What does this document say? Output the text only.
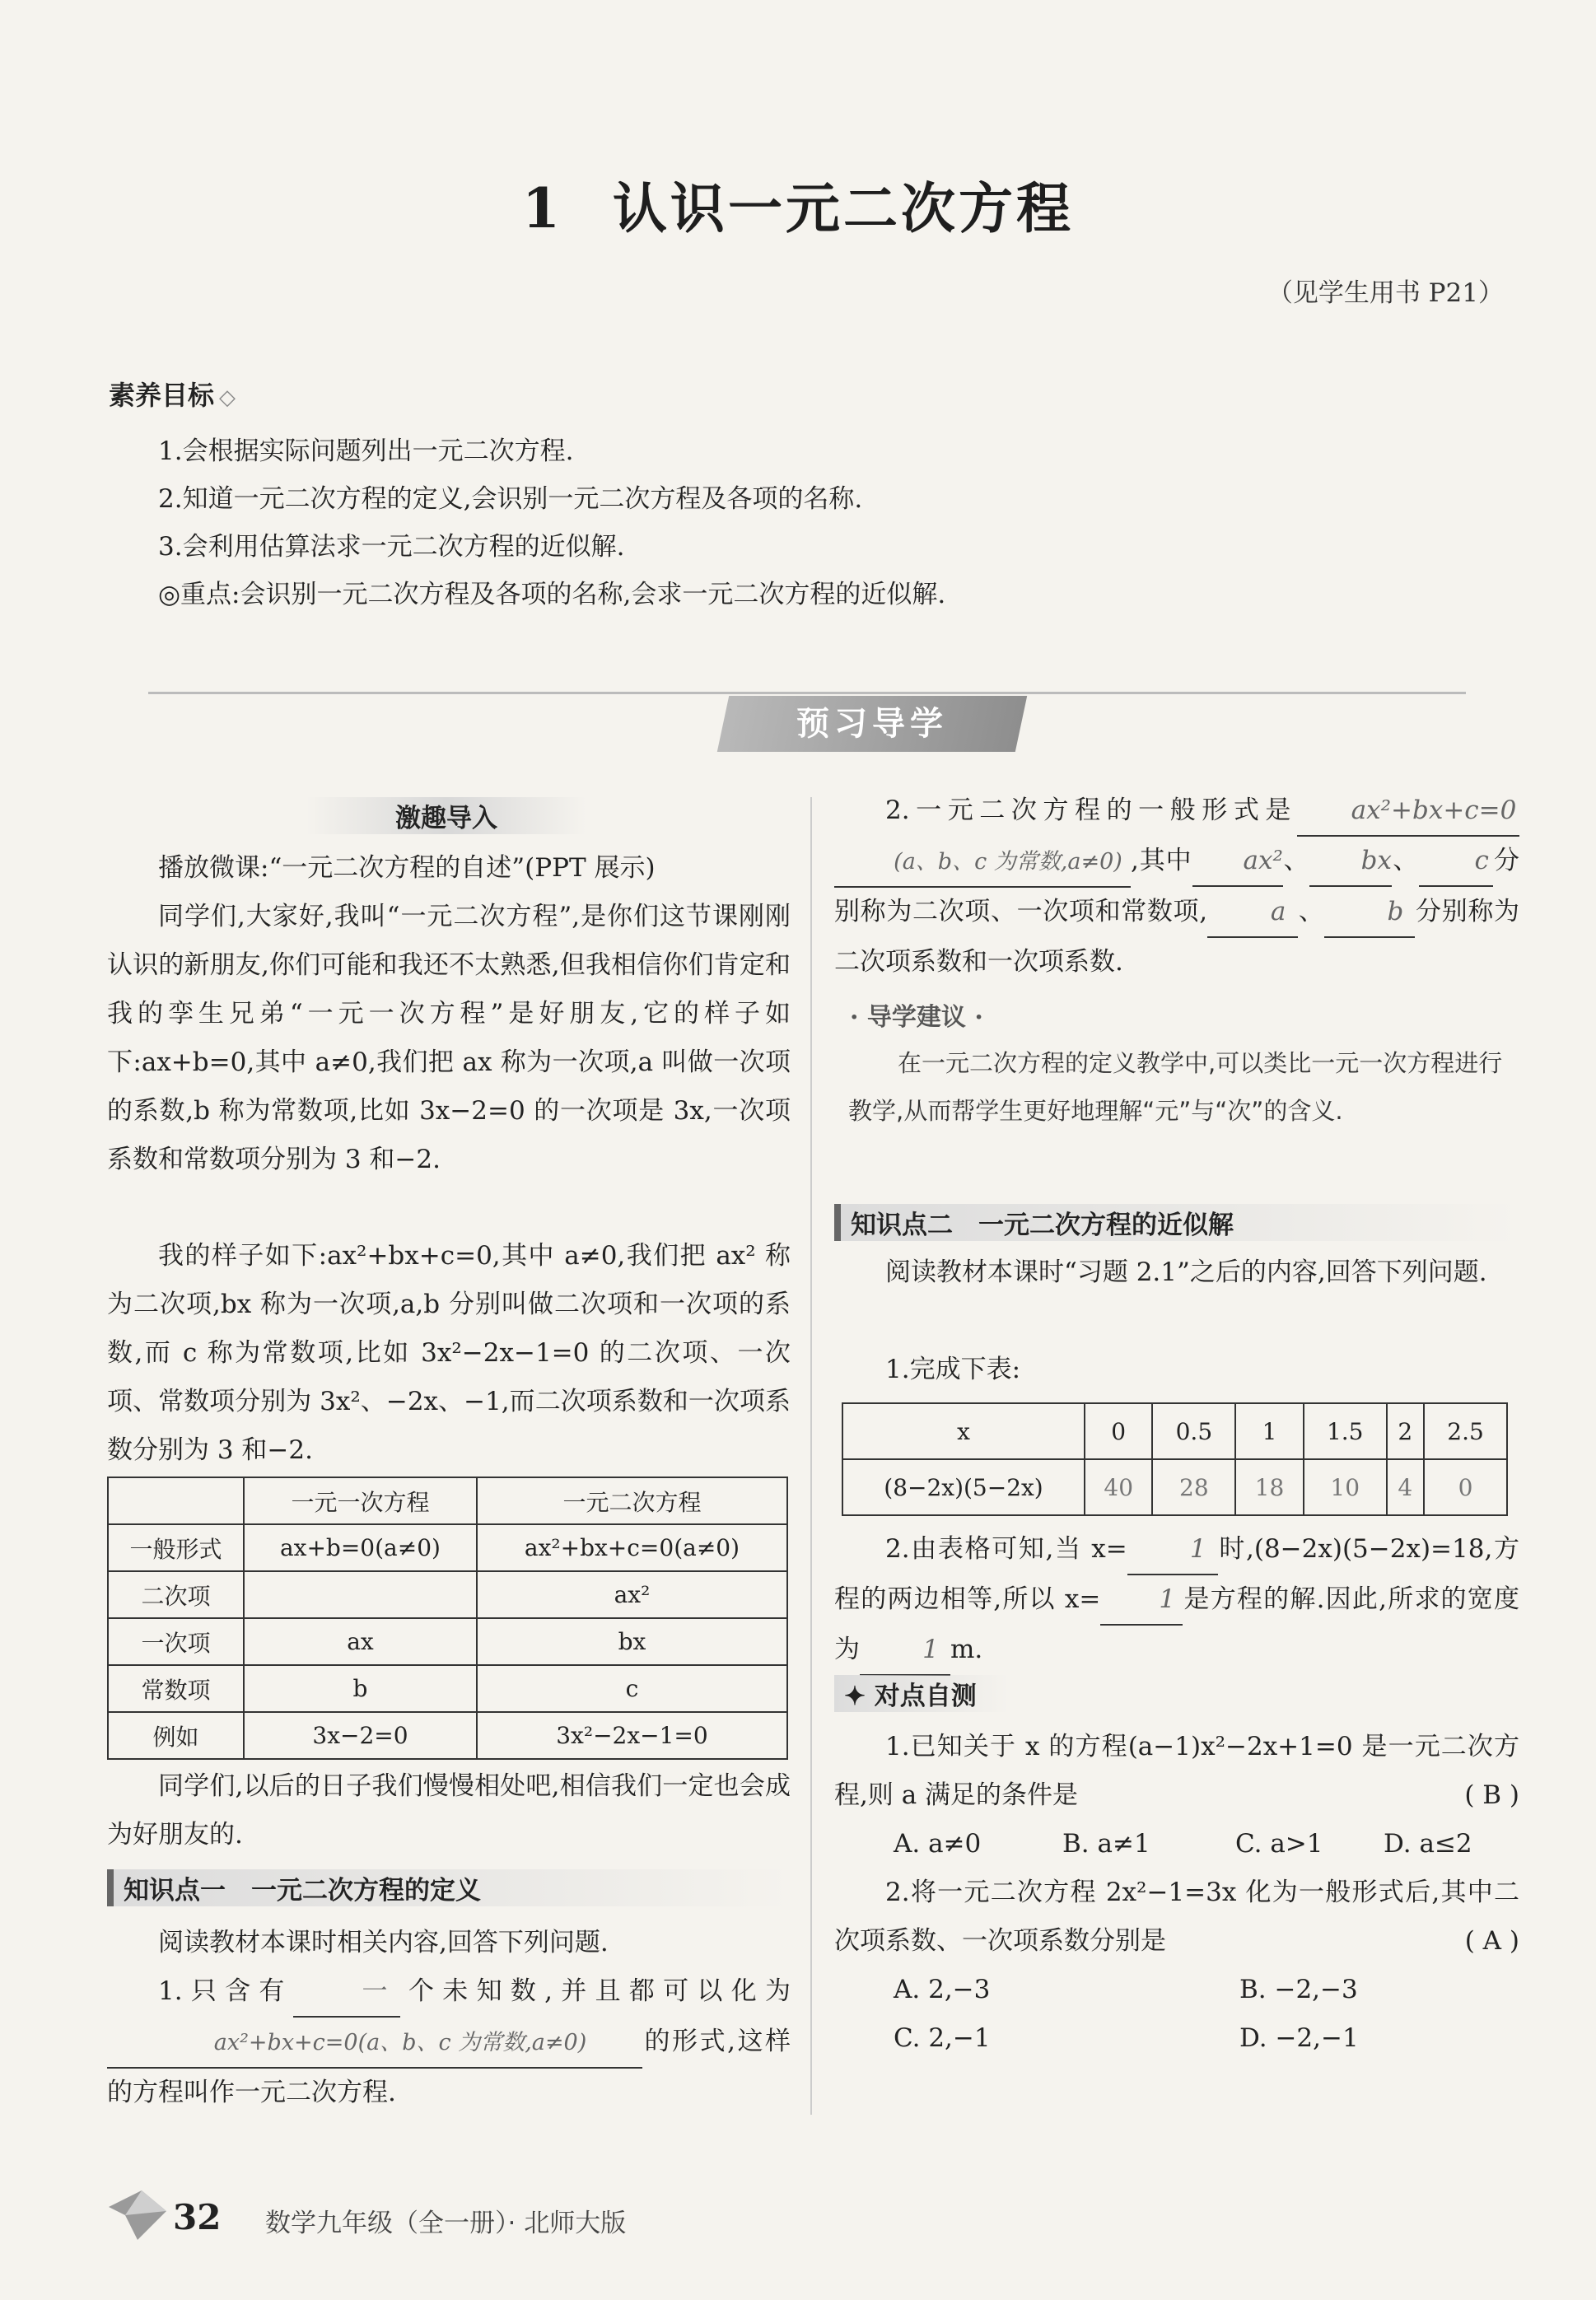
1 认识一元二次方程
（见学生用书 P21）
素养目标 ◇
1.会根据实际问题列出一元二次方程.
2.知道一元二次方程的定义,会识别一元二次方程及各项的名称.
3.会利用估算法求一元二次方程的近似解.
◎重点:会识别一元二次方程及各项的名称,会求一元二次方程的近似解.
预习导学
激趣导入
播放微课:“一元二次方程的自述”(PPT 展示)
同学们,大家好,我叫“一元二次方程”,是你们这节课刚刚认识的新朋友,你们可能和我还不太熟悉,但我相信你们肯定和我的孪生兄弟“一元一次方程”是好朋友,它的样子如下:ax+b=0,其中 a≠0,我们把 ax 称为一次项,a 叫做一次项的系数,b 称为常数项,比如 3x−2=0 的一次项是 3x,一次项系数和常数项分别为 3 和−2.
我的样子如下:ax²+bx+c=0,其中 a≠0,我们把 ax² 称为二次项,bx 称为一次项,a,b 分别叫做二次项和一次项的系数,而 c 称为常数项,比如 3x²−2x−1=0 的二次项、一次项、常数项分别为 3x²、−2x、−1,而二次项系数和一次项系数分别为 3 和−2.
	一元一次方程	一元二次方程
一般形式	ax+b=0(a≠0)	ax²+bx+c=0(a≠0)
二次项		ax²
一次项	ax	bx
常数项	b	c
例如	3x−2=0	3x²−2x−1=0
同学们,以后的日子我们慢慢相处吧,相信我们一定也会成为好朋友的.
知识点一　一元二次方程的定义
阅读教材本课时相关内容,回答下列问题.
1.只含有	一 个未知数,并且都可以化为ax²+bx+c=0(a、b、c 为常数,a≠0) 的形式,这样的方程叫作一元二次方程.
2.一元二次方程的一般形式是 ax²+bx+c=0(a、b、c 为常数,a≠0) ,其中 ax²、 bx、 c 分别称为二次项、一次项和常数项, a 、 b 分别称为二次项系数和一次项系数.
· 导学建议 ·
在一元二次方程的定义教学中,可以类比一元一次方程进行教学,从而帮学生更好地理解“元”与“次”的含义.
知识点二　一元二次方程的近似解
阅读教材本课时“习题 2.1”之后的内容,回答下列问题.
1.完成下表:
x	0	0.5	1	1.5	2	2.5
(8−2x)(5−2x)	40	28	18	10	4	0
2.由表格可知,当 x= 1 时,(8−2x)(5−2x)=18,方程的两边相等,所以 x= 1 是方程的解.因此,所求的宽度为 1 m.
✦ 对点自测
1.已知关于 x 的方程(a−1)x²−2x+1=0 是一元二次方程,则 a 满足的条件是	( B )
A. a≠0	B. a≠1	C. a>1 D. a≤2
2.将一元二次方程 2x²−1=3x 化为一般形式后,其中二次项系数、一次项系数分别是	( A )
A. 2,−3	B. −2,−3
C. 2,−1	D. −2,−1
32 数学九年级（全一册）· 北师大版
